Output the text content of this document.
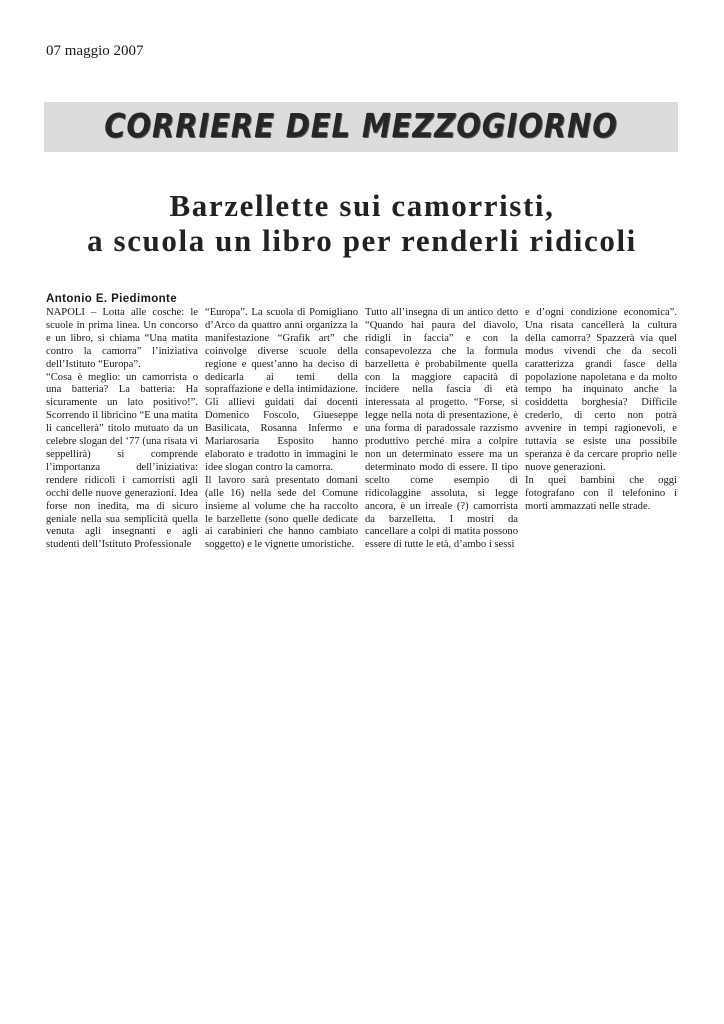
07 maggio 2007
CORRIERE DEL MEZZOGIORNO
Barzellette sui camorristi,
a scuola un libro per renderli ridicoli
Antonio E. Piedimonte

NAPOLI – Lotta alle cosche: le scuole in prima linea. Un concorso e un libro, si chiama “Una matita contro la camorra” l’iniziativa dell’Istituto “Europa”.

“Cosa è meglio: un camorrista o una batteria? La batteria: Ha sicuramente un lato positivo!”. Scorrendo il libricino “E una matita li cancellerà” titolo mutuato da un celebre slogan del ‘77 (una risata vi seppellirà) si comprende l’importanza dell’iniziativa: rendere ridicoli i camorristi agli occhi delle nuove generazioni. Idea forse non inedita, ma di sicuro geniale nella sua semplicità quella venuta agli insegnanti e agli studenti dell’Istituto Professionale

“Europa”. La scuola di Pomigliano d’Arco da quattro anni organizza la manifestazione “Grafik art” che coinvolge diverse scuole della regione e quest’anno ha deciso di dedicarla ai temi della sopraffazione e della intimidazione. Gli allievi guidati dai docenti Domenico Foscolo, Giueseppe Basilicata, Rosanna Infermo e Mariarosaria Esposito hanno elaborato e tradotto in immagini le idee slogan contro la camorra.

Il lavoro sarà presentato domani (alle 16) nella sede del Comune insieme al volume che ha raccolto le barzellette (sono quelle dedicate ai carabinieri che hanno cambiato soggetto) e le vignette umoristiche.

Tutto all’insegna di un antico detto “Quando hai paura del diavolo, ridigli in faccia” e con la consapevolezza che la formula barzelletta è probabilmente quella con la maggiore capacità di incidere nella fascia di età interessata al progetto. “Forse, si legge nella nota di presentazione, è una forma di paradossale razzismo produttivo perché mira a colpire non un determinato essere ma un determinato modo di essere. Il tipo scelto come esempio di ridicolaggine assoluta, si legge ancora, è un irreale (?) camorrista da barzelletta. I mostri da cancellare a colpi di matita possono essere di tutte le età, d’ambo i sessi

e d’ogni condizione economica”. Una risata cancellerà la cultura della camorra? Spazzerà via quel modus vivendi che da secoli caratterizza grandi fasce della popolazione napoletana e da molto tempo ha inquinato anche la cosiddetta borghesia? Difficile crederlo, di certo non potrà avvenire in tempi ragionevoli, e tuttavia se esiste una possibile speranza è da cercare proprio nelle nuove generazioni.

In quei bambini che oggi fotografano con il telefonino i morti ammazzati nelle strade.
